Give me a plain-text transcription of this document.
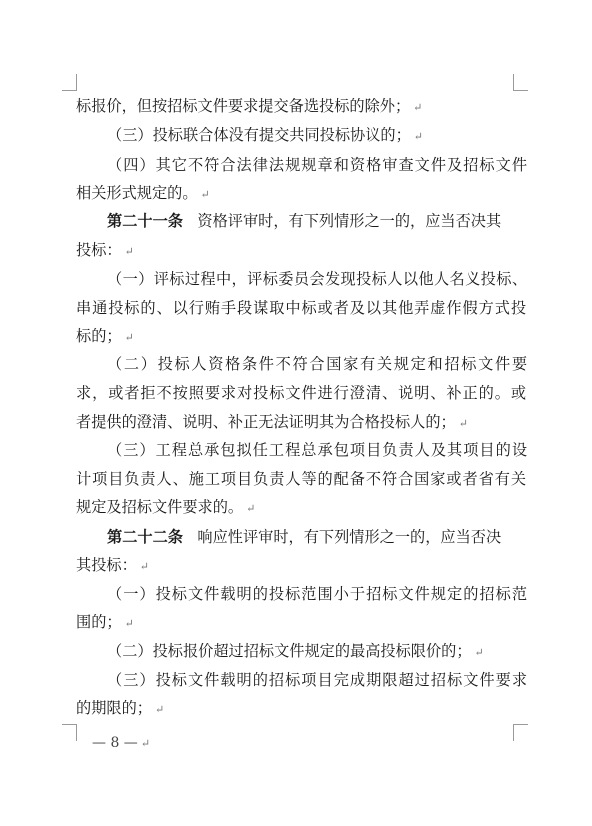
标报价，但按招标文件要求提交备选投标的除外； ↵
（三）投标联合体没有提交共同投标协议的； ↵
（四）其它不符合法律法规规章和资格审查文件及招标文件
相关形式规定的。 ↵
第二十一条 资格评审时，有下列情形之一的，应当否决其
投标： ↵
（一）评标过程中，评标委员会发现投标人以他人名义投标、
串通投标的、以行贿手段谋取中标或者及以其他弄虚作假方式投
标的； ↵
（二）投标人资格条件不符合国家有关规定和招标文件要
求，或者拒不按照要求对投标文件进行澄清、说明、补正的。或
者提供的澄清、说明、补正无法证明其为合格投标人的； ↵
（三）工程总承包拟任工程总承包项目负责人及其项目的设
计项目负责人、施工项目负责人等的配备不符合国家或者省有关
规定及招标文件要求的。 ↵
第二十二条 响应性评审时，有下列情形之一的，应当否决
其投标： ↵
（一）投标文件载明的投标范围小于招标文件规定的招标范
围的； ↵
（二）投标报价超过招标文件规定的最高投标限价的； ↵
（三）投标文件载明的招标项目完成期限超过招标文件要求
的期限的； ↵
— 8 — ↵
